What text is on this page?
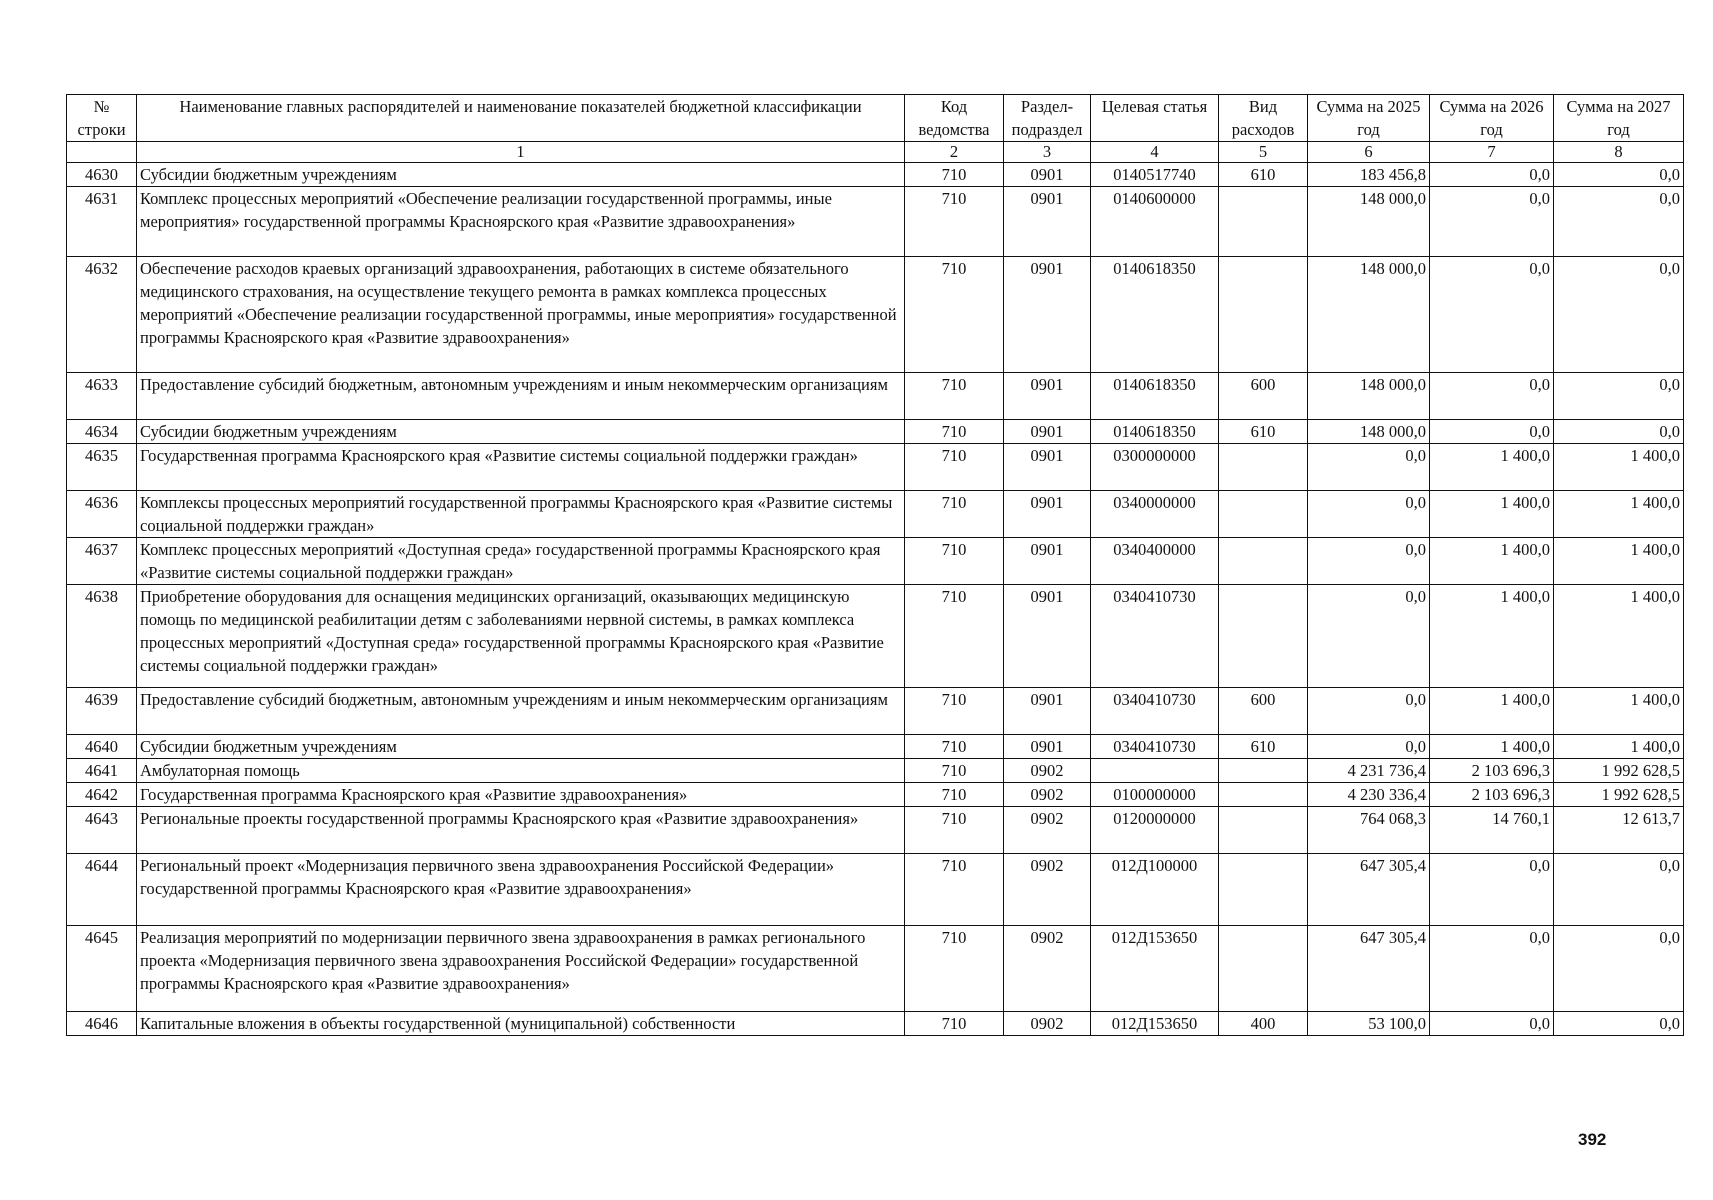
№ строки	Наименование главных распорядителей и наименование показателей бюджетной классификации	Код ведомства	Раздел-подраздел	Целевая статья	Вид расходов	Сумма на 2025 год	Сумма на 2026 год	Сумма на 2027 год
	1	2	3	4	5	6	7	8
4630	Субсидии бюджетным учреждениям	710	0901	0140517740	610	183 456,8	0,0	0,0
4631	Комплекс процессных мероприятий «Обеспечение реализации государственной программы, иные мероприятия» государственной программы Красноярского края «Развитие здравоохранения»	710	0901	0140600000		148 000,0	0,0	0,0
4632	Обеспечение расходов краевых организаций здравоохранения, работающих в системе обязательного медицинского страхования, на осуществление текущего ремонта в рамках комплекса процессных мероприятий «Обеспечение реализации государственной программы, иные мероприятия» государственной программы Красноярского края «Развитие здравоохранения»	710	0901	0140618350		148 000,0	0,0	0,0
4633	Предоставление субсидий бюджетным, автономным учреждениям и иным некоммерческим организациям	710	0901	0140618350	600	148 000,0	0,0	0,0
4634	Субсидии бюджетным учреждениям	710	0901	0140618350	610	148 000,0	0,0	0,0
4635	Государственная программа Красноярского края «Развитие системы социальной поддержки граждан»	710	0901	0300000000		0,0	1 400,0	1 400,0
4636	Комплексы процессных мероприятий государственной программы Красноярского края «Развитие системы социальной поддержки граждан»	710	0901	0340000000		0,0	1 400,0	1 400,0
4637	Комплекс процессных мероприятий «Доступная среда» государственной программы Красноярского края «Развитие системы социальной поддержки граждан»	710	0901	0340400000		0,0	1 400,0	1 400,0
4638	Приобретение оборудования для оснащения медицинских организаций, оказывающих медицинскую помощь по медицинской реабилитации детям с заболеваниями нервной системы, в рамках комплекса процессных мероприятий «Доступная среда» государственной программы Красноярского края «Развитие системы социальной поддержки граждан»	710	0901	0340410730		0,0	1 400,0	1 400,0
4639	Предоставление субсидий бюджетным, автономным учреждениям и иным некоммерческим организациям	710	0901	0340410730	600	0,0	1 400,0	1 400,0
4640	Субсидии бюджетным учреждениям	710	0901	0340410730	610	0,0	1 400,0	1 400,0
4641	Амбулаторная помощь	710	0902			4 231 736,4	2 103 696,3	1 992 628,5
4642	Государственная программа Красноярского края «Развитие здравоохранения»	710	0902	0100000000		4 230 336,4	2 103 696,3	1 992 628,5
4643	Региональные проекты государственной программы Красноярского края «Развитие здравоохранения»	710	0902	0120000000		764 068,3	14 760,1	12 613,7
4644	Региональный проект «Модернизация первичного звена здравоохранения Российской Федерации» государственной программы Красноярского края «Развитие здравоохранения»	710	0902	012Д100000		647 305,4	0,0	0,0
4645	Реализация мероприятий по модернизации первичного звена здравоохранения в рамках регионального проекта «Модернизация первичного звена здравоохранения Российской Федерации» государственной программы Красноярского края «Развитие здравоохранения»	710	0902	012Д153650		647 305,4	0,0	0,0
4646	Капитальные вложения в объекты государственной (муниципальной) собственности	710	0902	012Д153650	400	53 100,0	0,0	0,0
392
